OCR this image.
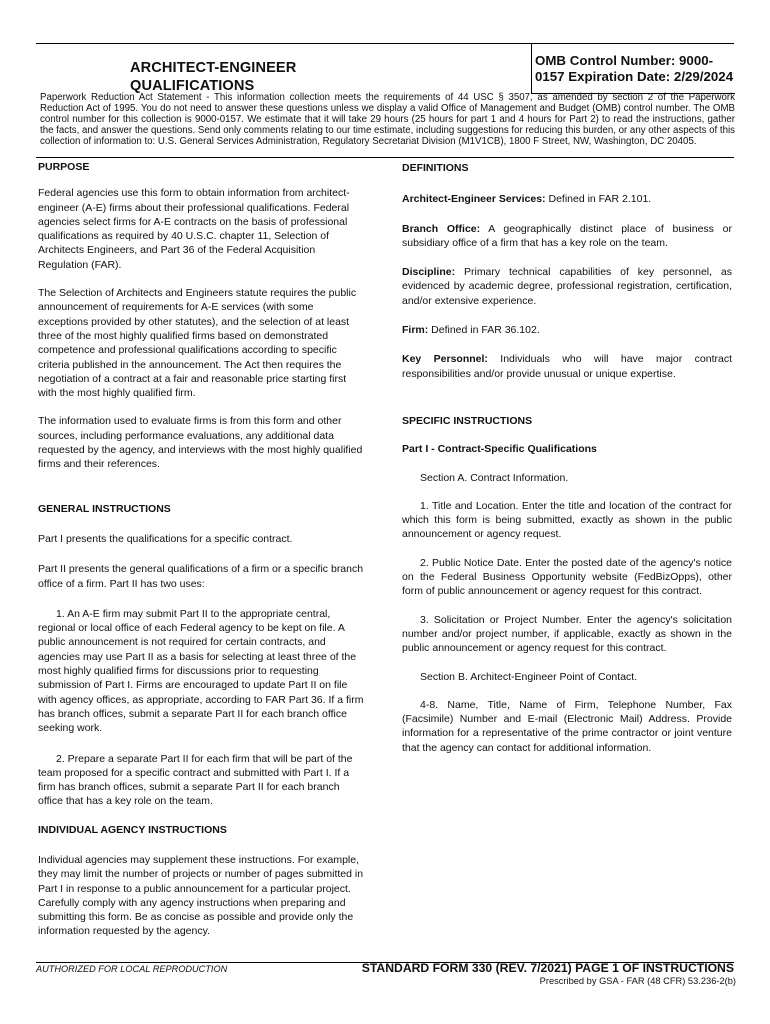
OMB Control Number: 9000-0157 Expiration Date: 2/29/2024
ARCHITECT-ENGINEER QUALIFICATIONS
Paperwork Reduction Act Statement - This information collection meets the requirements of 44 USC § 3507, as amended by section 2 of the Paperwork Reduction Act of 1995. You do not need to answer these questions unless we display a valid Office of Management and Budget (OMB) control number. The OMB control number for this collection is 9000-0157. We estimate that it will take 29 hours (25 hours for part 1 and 4 hours for Part 2) to read the instructions, gather the facts, and answer the questions. Send only comments relating to our time estimate, including suggestions for reducing this burden, or any other aspects of this collection of information to: U.S. General Services Administration, Regulatory Secretariat Division (M1V1CB), 1800 F Street, NW, Washington, DC 20405.
PURPOSE

Federal agencies use this form to obtain information from architect-engineer (A-E) firms about their professional qualifications. Federal agencies select firms for A-E contracts on the basis of professional qualifications as required by 40 U.S.C. chapter 11, Selection of Architects Engineers, and Part 36 of the Federal Acquisition Regulation (FAR).

The Selection of Architects and Engineers statute requires the public announcement of requirements for A-E services (with some exceptions provided by other statutes), and the selection of at least three of the most highly qualified firms based on demonstrated competence and professional qualifications according to specific criteria published in the announcement. The Act then requires the negotiation of a contract at a fair and reasonable price starting first with the most highly qualified firm.

The information used to evaluate firms is from this form and other sources, including performance evaluations, any additional data requested by the agency, and interviews with the most highly qualified firms and their references.

GENERAL INSTRUCTIONS

Part I presents the qualifications for a specific contract.

Part II presents the general qualifications of a firm or a specific branch office of a firm. Part II has two uses:

1. An A-E firm may submit Part II to the appropriate central, regional or local office of each Federal agency to be kept on file. A public announcement is not required for certain contracts, and agencies may use Part II as a basis for selecting at least three of the most highly qualified firms for discussions prior to requesting submission of Part I. Firms are encouraged to update Part II on file with agency offices, as appropriate, according to FAR Part 36. If a firm has branch offices, submit a separate Part II for each branch office seeking work.

2. Prepare a separate Part II for each firm that will be part of the team proposed for a specific contract and submitted with Part I. If a firm has branch offices, submit a separate Part II for each branch office that has a key role on the team.

INDIVIDUAL AGENCY INSTRUCTIONS

Individual agencies may supplement these instructions. For example, they may limit the number of projects or number of pages submitted in Part I in response to a public announcement for a particular project. Carefully comply with any agency instructions when preparing and submitting this form. Be as concise as possible and provide only the information requested by the agency.

DEFINITIONS

Architect-Engineer Services: Defined in FAR 2.101.

Branch Office: A geographically distinct place of business or subsidiary office of a firm that has a key role on the team.

Discipline: Primary technical capabilities of key personnel, as evidenced by academic degree, professional registration, certification, and/or extensive experience.

Firm: Defined in FAR 36.102.

Key Personnel: Individuals who will have major contract responsibilities and/or provide unusual or unique expertise.

SPECIFIC INSTRUCTIONS
Part I - Contract-Specific Qualifications

Section A. Contract Information.

1. Title and Location. Enter the title and location of the contract for which this form is being submitted, exactly as shown in the public announcement or agency request.

2. Public Notice Date. Enter the posted date of the agency's notice on the Federal Business Opportunity website (FedBizOpps), other form of public announcement or agency request for this contract.

3. Solicitation or Project Number. Enter the agency's solicitation number and/or project number, if applicable, exactly as shown in the public announcement or agency request for this contract.

Section B. Architect-Engineer Point of Contact.

4-8. Name, Title, Name of Firm, Telephone Number, Fax (Facsimile) Number and E-mail (Electronic Mail) Address. Provide information for a representative of the prime contractor or joint venture that the agency can contact for additional information.

AUTHORIZED FOR LOCAL REPRODUCTION	STANDARD FORM 330 (REV. 7/2021) PAGE 1 OF INSTRUCTIONS
Prescribed by GSA - FAR (48 CFR) 53.236-2(b)
